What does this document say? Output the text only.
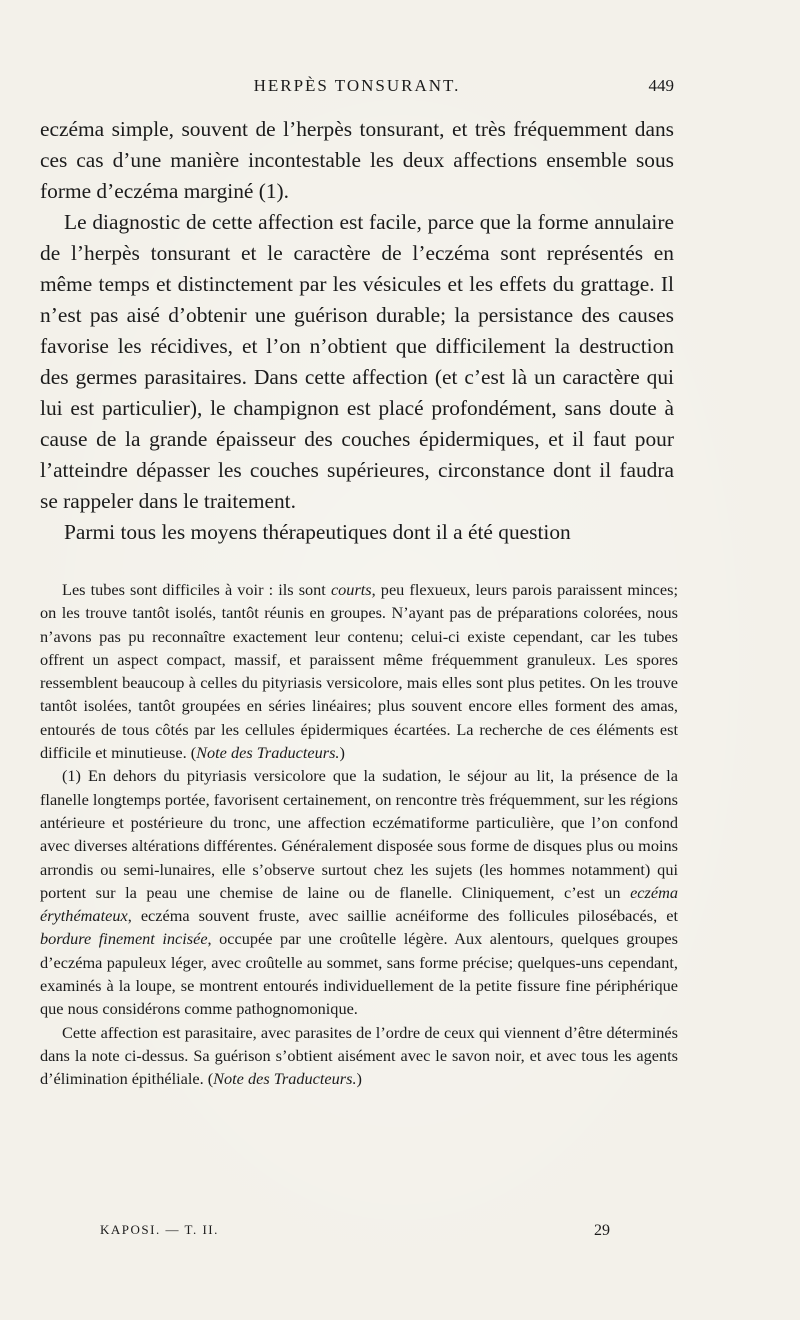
HERPÈS TONSURANT.	449

eczéma simple, souvent de l’herpès tonsurant, et très fréquemment dans ces cas d’une manière incontestable les deux affections ensemble sous forme d’eczéma marginé (1).

Le diagnostic de cette affection est facile, parce que la forme annulaire de l’herpès tonsurant et le caractère de l’eczéma sont représentés en même temps et distinctement par les vésicules et les effets du grattage. Il n’est pas aisé d’obtenir une guérison durable; la persistance des causes favorise les récidives, et l’on n’obtient que difficilement la destruction des germes parasitaires. Dans cette affection (et c’est là un caractère qui lui est particulier), le champignon est placé profondément, sans doute à cause de la grande épaisseur des couches épidermiques, et il faut pour l’atteindre dépasser les couches supérieures, circonstance dont il faudra se rappeler dans le traitement.

Parmi tous les moyens thérapeutiques dont il a été question

Les tubes sont difficiles à voir : ils sont courts, peu flexueux, leurs parois paraissent minces; on les trouve tantôt isolés, tantôt réunis en groupes. N’ayant pas de préparations colorées, nous n’avons pas pu reconnaître exactement leur contenu; celui-ci existe cependant, car les tubes offrent un aspect compact, massif, et paraissent même fréquemment granuleux. Les spores ressemblent beaucoup à celles du pityriasis versicolore, mais elles sont plus petites. On les trouve tantôt isolées, tantôt groupées en séries linéaires; plus souvent encore elles forment des amas, entourés de tous côtés par les cellules épidermiques écartées. La recherche de ces éléments est difficile et minutieuse. (Note des Traducteurs.)

(1) En dehors du pityriasis versicolore que la sudation, le séjour au lit, la présence de la flanelle longtemps portée, favorisent certainement, on rencontre très fréquemment, sur les régions antérieure et postérieure du tronc, une affection eczématiforme particulière, que l’on confond avec diverses altérations différentes. Généralement disposée sous forme de disques plus ou moins arrondis ou semi-lunaires, elle s’observe surtout chez les sujets (les hommes notamment) qui portent sur la peau une chemise de laine ou de flanelle. Cliniquement, c’est un eczéma érythémateux, eczéma souvent fruste, avec saillie acnéiforme des follicules pilosébacés, et bordure finement incisée, occupée par une croûtelle légère. Aux alentours, quelques groupes d’eczéma papuleux léger, avec croûtelle au sommet, sans forme précise; quelques-uns cependant, examinés à la loupe, se montrent entourés individuellement de la petite fissure fine périphérique que nous considérons comme pathognomonique.

Cette affection est parasitaire, avec parasites de l’ordre de ceux qui viennent d’être déterminés dans la note ci-dessus. Sa guérison s’obtient aisément avec le savon noir, et avec tous les agents d’élimination épithéliale. (Note des Traducteurs.)

KAPOSI. — T. II.	29
